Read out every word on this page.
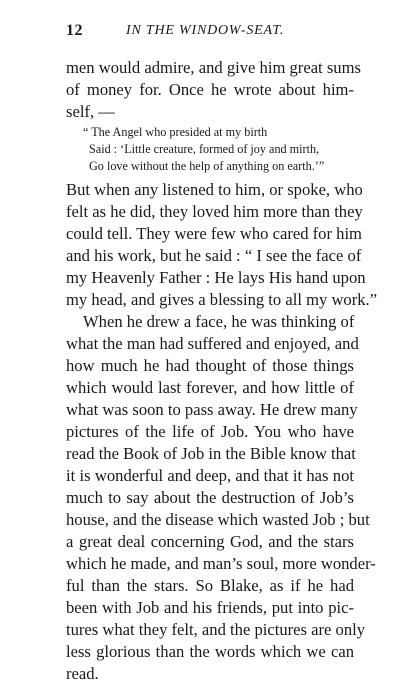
12	IN THE WINDOW-SEAT.
men would admire, and give him great sums
of money for. Once he wrote about him-
self, —
“ The Angel who presided at my birth
Said : ‘Little creature, formed of joy and mirth,
Go love without the help of anything on earth.’”
But when any listened to him, or spoke, who
felt as he did, they loved him more than they
could tell. They were few who cared for him
and his work, but he said : “ I see the face of
my Heavenly Father : He lays His hand upon
my head, and gives a blessing to all my work.”
When he drew a face, he was thinking of
what the man had suffered and enjoyed, and
how much he had thought of those things
which would last forever, and how little of
what was soon to pass away. He drew many
pictures of the life of Job. You who have
read the Book of Job in the Bible know that
it is wonderful and deep, and that it has not
much to say about the destruction of Job’s
house, and the disease which wasted Job ; but
a great deal concerning God, and the stars
which he made, and man’s soul, more wonder-
ful than the stars. So Blake, as if he had
been with Job and his friends, put into pic-
tures what they felt, and the pictures are only
less glorious than the words which we can
read.
